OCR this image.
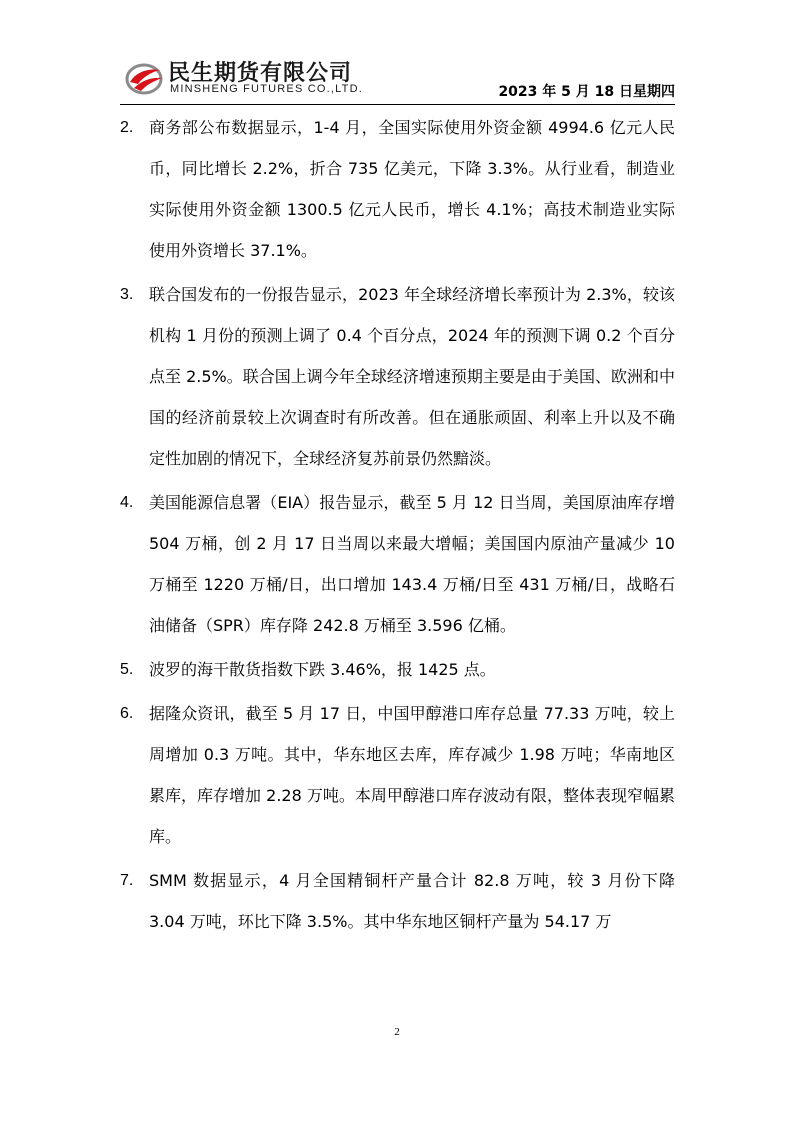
民生期货有限公司
MINSHENG FUTURES CO.,LTD.	2023 年 5 月 18 日星期四
2. 商务部公布数据显示，1-4 月，全国实际使用外资金额 4994.6 亿元人民币，同比增长 2.2%，折合 735 亿美元，下降 3.3%。从行业看，制造业实际使用外资金额 1300.5 亿元人民币，增长 4.1%；高技术制造业实际使用外资增长 37.1%。
3. 联合国发布的一份报告显示，2023 年全球经济增长率预计为 2.3%，较该机构 1 月份的预测上调了 0.4 个百分点，2024 年的预测下调 0.2 个百分点至 2.5%。联合国上调今年全球经济增速预期主要是由于美国、欧洲和中国的经济前景较上次调查时有所改善。但在通胀顽固、利率上升以及不确定性加剧的情况下，全球经济复苏前景仍然黯淡。
4. 美国能源信息署（EIA）报告显示，截至 5 月 12 日当周，美国原油库存增 504 万桶，创 2 月 17 日当周以来最大增幅；美国国内原油产量减少 10 万桶至 1220 万桶/日，出口增加 143.4 万桶/日至 431 万桶/日，战略石油储备（SPR）库存降 242.8 万桶至 3.596 亿桶。
5. 波罗的海干散货指数下跌 3.46%，报 1425 点。
6. 据隆众资讯，截至 5 月 17 日，中国甲醇港口库存总量 77.33 万吨，较上周增加 0.3 万吨。其中，华东地区去库，库存减少 1.98 万吨；华南地区累库，库存增加 2.28 万吨。本周甲醇港口库存波动有限，整体表现窄幅累库。
7. SMM 数据显示，4 月全国精铜杆产量合计 82.8 万吨，较 3 月份下降 3.04 万吨，环比下降 3.5%。其中华东地区铜杆产量为 54.17 万
2
